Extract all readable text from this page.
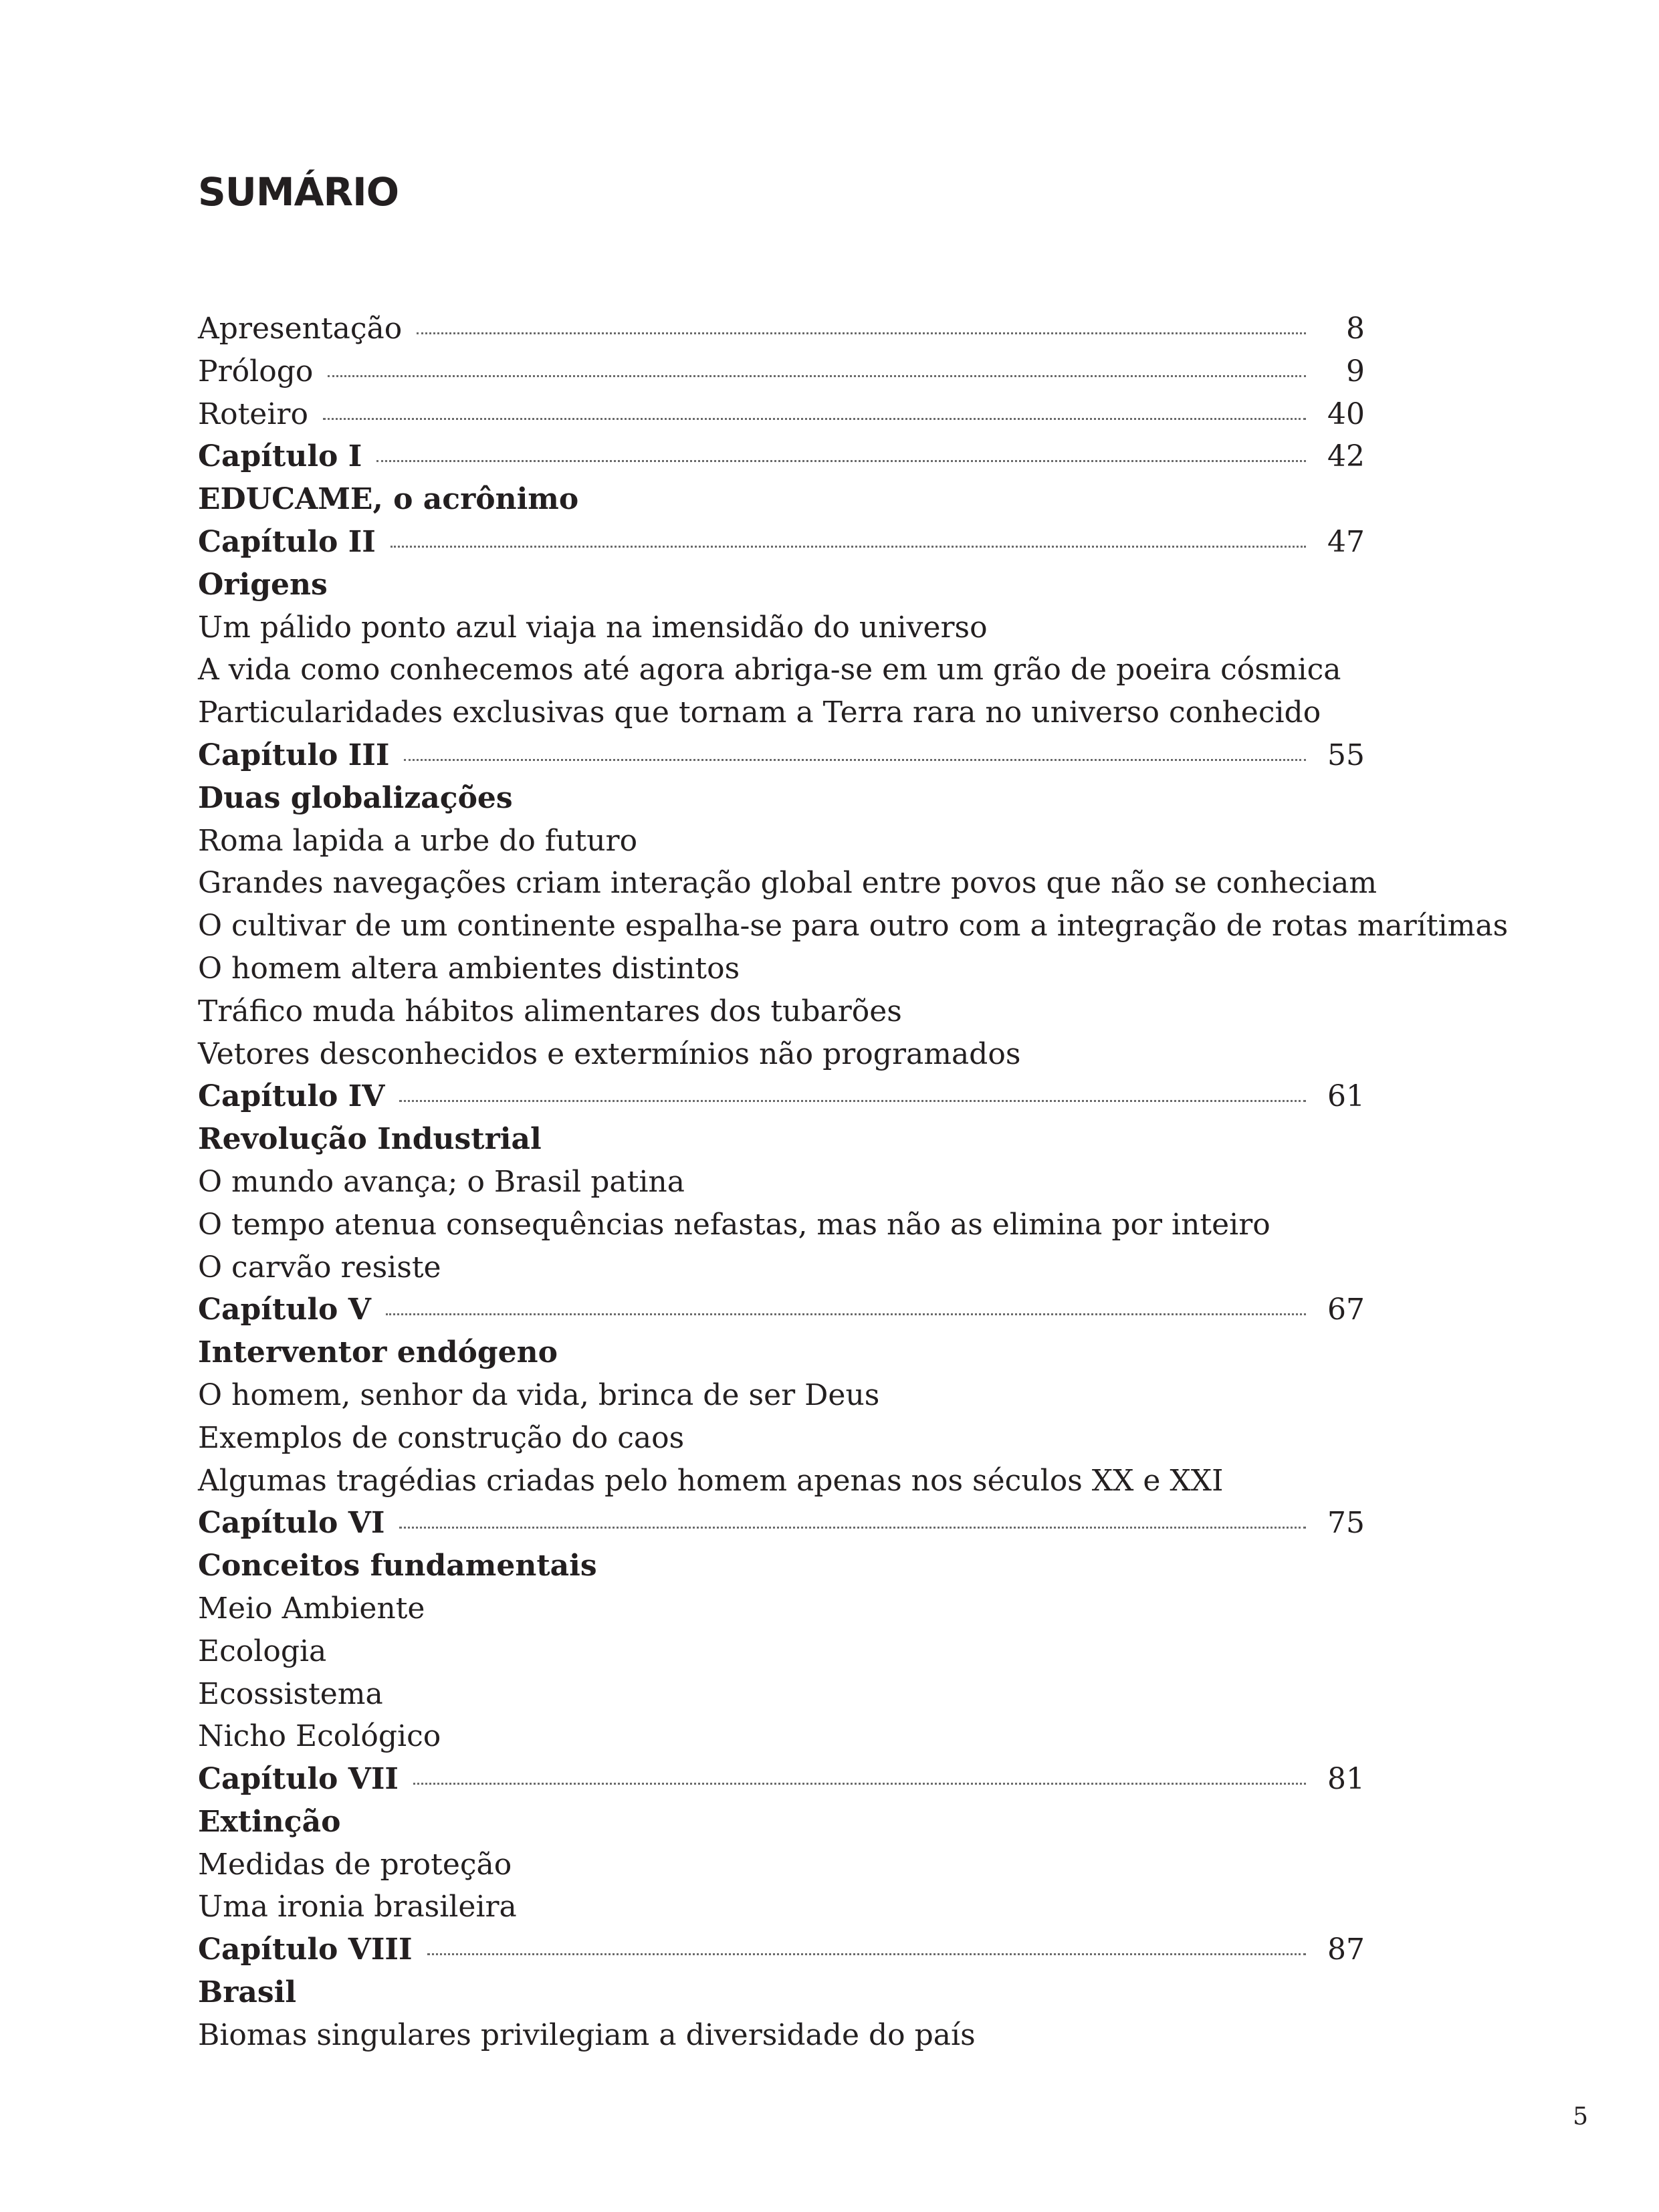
SUMÁRIO
Apresentação	8
Prólogo	9
Roteiro	40
Capítulo I	42
EDUCAME, o acrônimo
Capítulo II	47
Origens
Um pálido ponto azul viaja na imensidão do universo
A vida como conhecemos até agora abriga-se em um grão de poeira cósmica
Particularidades exclusivas que tornam a Terra rara no universo conhecido
Capítulo III	55
Duas globalizações
Roma lapida a urbe do futuro
Grandes navegações criam interação global entre povos que não se conheciam
O cultivar de um continente espalha-se para outro com a integração de rotas marítimas
O homem altera ambientes distintos
Tráfico muda hábitos alimentares dos tubarões
Vetores desconhecidos e extermínios não programados
Capítulo IV	61
Revolução Industrial
O mundo avança; o Brasil patina
O tempo atenua consequências nefastas, mas não as elimina por inteiro
O carvão resiste
Capítulo V	67
Interventor endógeno
O homem, senhor da vida, brinca de ser Deus
Exemplos de construção do caos
Algumas tragédias criadas pelo homem apenas nos séculos XX e XXI
Capítulo VI	75
Conceitos fundamentais
Meio Ambiente
Ecologia
Ecossistema
Nicho Ecológico
Capítulo VII	81
Extinção
Medidas de proteção
Uma ironia brasileira
Capítulo VIII	87
Brasil
Biomas singulares privilegiam a diversidade do país
5
